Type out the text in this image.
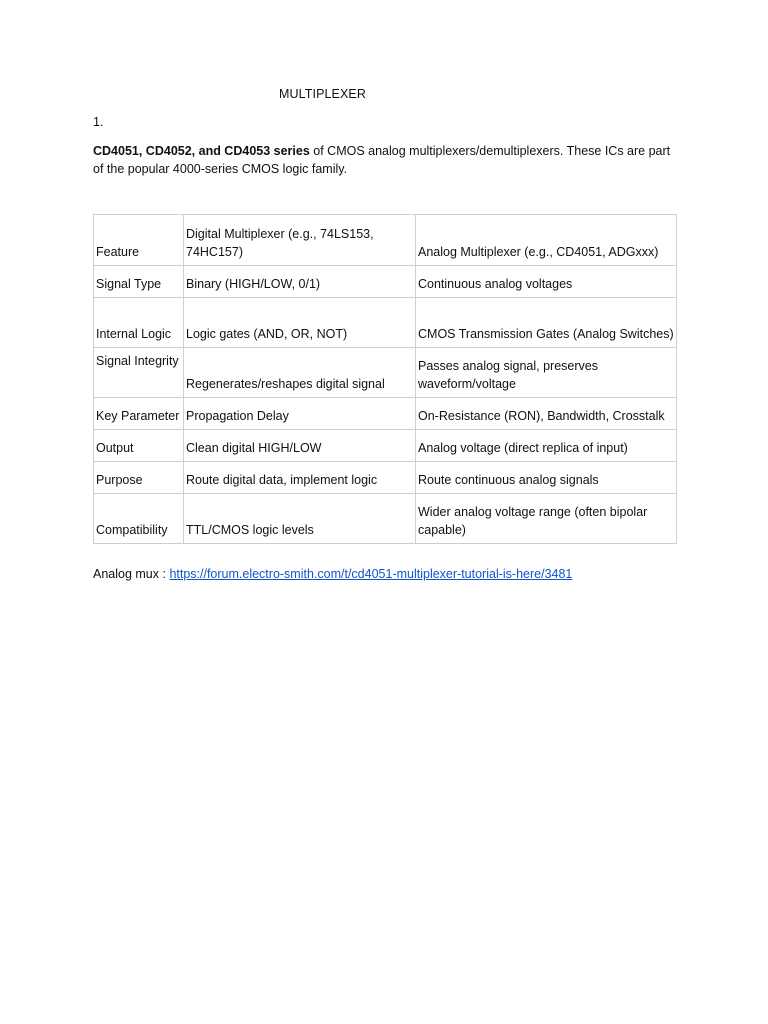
MULTIPLEXER
1.
CD4051, CD4052, and CD4053 series of CMOS analog multiplexers/demultiplexers. These ICs are part of the popular 4000-series CMOS logic family.
Feature	Digital Multiplexer (e.g., 74LS153, 74HC157)	Analog Multiplexer (e.g., CD4051, ADGxxx)
Signal Type	Binary (HIGH/LOW, 0/1)	Continuous analog voltages
Internal Logic	Logic gates (AND, OR, NOT)	CMOS Transmission Gates (Analog Switches)
Signal Integrity	Regenerates/reshapes digital signal	Passes analog signal, preserves waveform/voltage
Key Parameter	Propagation Delay	On-Resistance (RON), Bandwidth, Crosstalk
Output	Clean digital HIGH/LOW	Analog voltage (direct replica of input)
Purpose	Route digital data, implement logic	Route continuous analog signals
Compatibility	TTL/CMOS logic levels	Wider analog voltage range (often bipolar capable)
Analog mux : https://forum.electro-smith.com/t/cd4051-multiplexer-tutorial-is-here/3481
